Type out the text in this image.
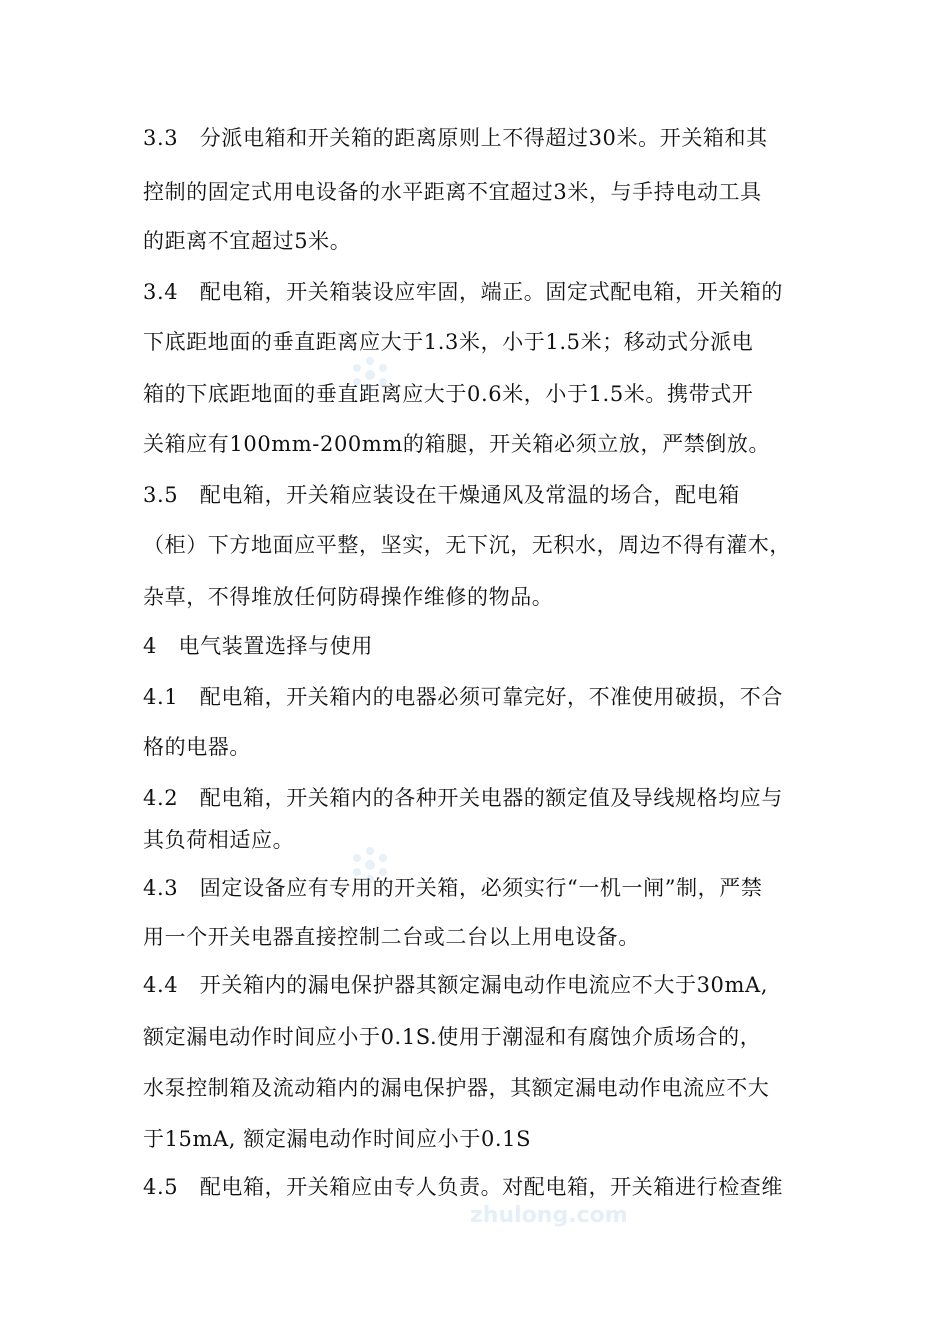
3.3　分派电箱和开关箱的距离原则上不得超过30米。开关箱和其
控制的固定式用电设备的水平距离不宜超过3米，与手持电动工具
的距离不宜超过5米。
3.4　配电箱，开关箱装设应牢固，端正。固定式配电箱，开关箱的
下底距地面的垂直距离应大于1.3米，小于1.5米；移动式分派电
箱的下底距地面的垂直距离应大于0.6米，小于1.5米。携带式开
关箱应有100mm-200mm的箱腿，开关箱必须立放，严禁倒放。
3.5　配电箱，开关箱应装设在干燥通风及常温的场合，配电箱
（柜）下方地面应平整，坚实，无下沉，无积水，周边不得有灌木，
杂草，不得堆放任何防碍操作维修的物品。
4　电气装置选择与使用
4.1　配电箱，开关箱内的电器必须可靠完好，不准使用破损，不合
格的电器。
4.2　配电箱，开关箱内的各种开关电器的额定值及导线规格均应与
其负荷相适应。
4.3　固定设备应有专用的开关箱，必须实行“一机一闸”制，严禁
用一个开关电器直接控制二台或二台以上用电设备。
4.4　开关箱内的漏电保护器其额定漏电动作电流应不大于30mA,
额定漏电动作时间应小于0.1S.使用于潮湿和有腐蚀介质场合的，
水泵控制箱及流动箱内的漏电保护器，其额定漏电动作电流应不大
于15mA, 额定漏电动作时间应小于0.1S
4.5　配电箱，开关箱应由专人负责。对配电箱，开关箱进行检查维
zhulong.com
